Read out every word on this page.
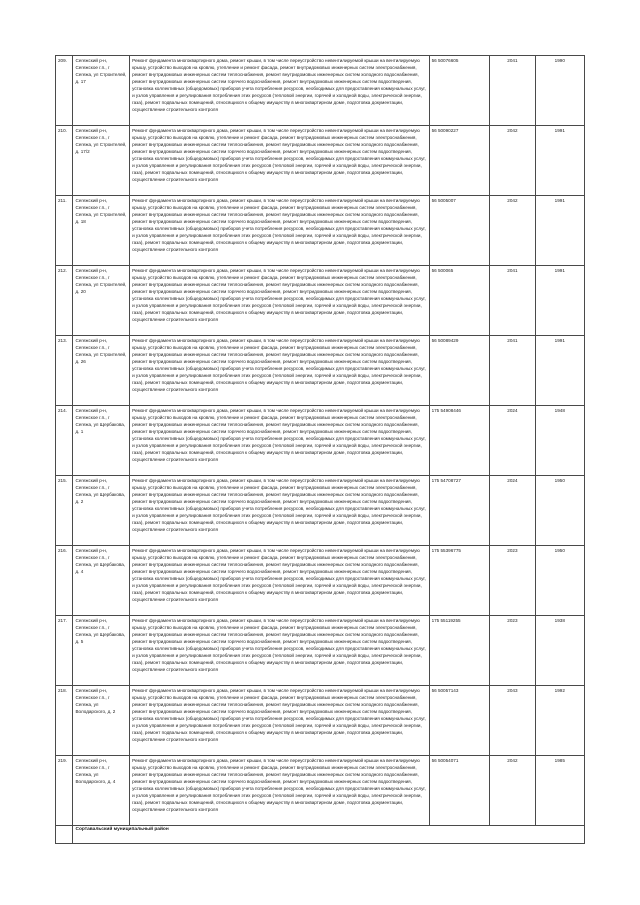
209.	Сегежский р-н, Сегежское г.п., г Сегежа, ул Строителей, д. 17	Ремонт фундамента многоквартирного дома, ремонт крыши, в том числе переустройство невентилируемой крыши на вентилируемую крышу, устройство выходов на кровлю, утепление и ремонт фасада, ремонт внутридомовых инженерных систем электроснабжения, ремонт внутридомовых инженерных систем теплоснабжения, ремонт внутридомовых инженерных систем холодного водоснабжения, ремонт внутридомовых инженерных систем горячего водоснабжения, ремонт внутридомовых инженерных систем водоотведения, установка коллективных (общедомовых) приборов учета потребления ресурсов, необходимых для предоставления коммунальных услуг, и узлов управления и регулирования потребления этих ресурсов (тепловой энергии, горячей и холодной воды, электрической энергии, газа), ремонт подвальных помещений, относящихся к общему имуществу в многоквартирном доме, подготовка документации, осуществление строительного контроля	56 50076605	2041	1990
210.	Сегежский р-н, Сегежское г.п., г Сегежа, ул Строителей, д. 17/2	Ремонт фундамента многоквартирного дома, ремонт крыши, в том числе переустройство невентилируемой крыши на вентилируемую крышу, устройство выходов на кровлю, утепление и ремонт фасада, ремонт внутридомовых инженерных систем электроснабжения, ремонт внутридомовых инженерных систем теплоснабжения, ремонт внутридомовых инженерных систем холодного водоснабжения, ремонт внутридомовых инженерных систем горячего водоснабжения, ремонт внутридомовых инженерных систем водоотведения, установка коллективных (общедомовых) приборов учета потребления ресурсов, необходимых для предоставления коммунальных услуг, и узлов управления и регулирования потребления этих ресурсов (тепловой энергии, горячей и холодной воды, электрической энергии, газа), ремонт подвальных помещений, относящихся к общему имуществу в многоквартирном доме, подготовка документации, осуществление строительного контроля	56 50090227	2042	1991
211.	Сегежский р-н, Сегежское г.п., г Сегежа, ул Строителей, д. 18	Ремонт фундамента многоквартирного дома, ремонт крыши, в том числе переустройство невентилируемой крыши на вентилируемую крышу, устройство выходов на кровлю, утепление и ремонт фасада, ремонт внутридомовых инженерных систем электроснабжения, ремонт внутридомовых инженерных систем теплоснабжения, ремонт внутридомовых инженерных систем холодного водоснабжения, ремонт внутридомовых инженерных систем горячего водоснабжения, ремонт внутридомовых инженерных систем водоотведения, установка коллективных (общедомовых) приборов учета потребления ресурсов, необходимых для предоставления коммунальных услуг, и узлов управления и регулирования потребления этих ресурсов (тепловой энергии, горячей и холодной воды, электрической энергии, газа), ремонт подвальных помещений, относящихся к общему имуществу в многоквартирном доме, подготовка документации, осуществление строительного контроля	56 5005007	2042	1991
212.	Сегежский р-н, Сегежское г.п., г Сегежа, ул Строителей, д. 20	Ремонт фундамента многоквартирного дома, ремонт крыши, в том числе переустройство невентилируемой крыши на вентилируемую крышу, устройство выходов на кровлю, утепление и ремонт фасада, ремонт внутридомовых инженерных систем электроснабжения, ремонт внутридомовых инженерных систем теплоснабжения, ремонт внутридомовых инженерных систем холодного водоснабжения, ремонт внутридомовых инженерных систем горячего водоснабжения, ремонт внутридомовых инженерных систем водоотведения, установка коллективных (общедомовых) приборов учета потребления ресурсов, необходимых для предоставления коммунальных услуг, и узлов управления и регулирования потребления этих ресурсов (тепловой энергии, горячей и холодной воды, электрической энергии, газа), ремонт подвальных помещений, относящихся к общему имуществу в многоквартирном доме, подготовка документации, осуществление строительного контроля	56 500065	2041	1991
213.	Сегежский р-н, Сегежское г.п., г Сегежа, ул Строителей, д. 26	Ремонт фундамента многоквартирного дома, ремонт крыши, в том числе переустройство невентилируемой крыши на вентилируемую крышу, устройство выходов на кровлю, утепление и ремонт фасада, ремонт внутридомовых инженерных систем электроснабжения, ремонт внутридомовых инженерных систем теплоснабжения, ремонт внутридомовых инженерных систем холодного водоснабжения, ремонт внутридомовых инженерных систем горячего водоснабжения, ремонт внутридомовых инженерных систем водоотведения, установка коллективных (общедомовых) приборов учета потребления ресурсов, необходимых для предоставления коммунальных услуг, и узлов управления и регулирования потребления этих ресурсов (тепловой энергии, горячей и холодной воды, электрической энергии, газа), ремонт подвальных помещений, относящихся к общему имуществу в многоквартирном доме, подготовка документации, осуществление строительного контроля	56 50089429	2041	1991
214.	Сегежский р-н, Сегежское г.п., г Сегежа, ул Щербакова, д. 1	Ремонт фундамента многоквартирного дома, ремонт крыши, в том числе переустройство невентилируемой крыши на вентилируемую крышу, устройство выходов на кровлю, утепление и ремонт фасада, ремонт внутридомовых инженерных систем электроснабжения, ремонт внутридомовых инженерных систем теплоснабжения, ремонт внутридомовых инженерных систем холодного водоснабжения, ремонт внутридомовых инженерных систем горячего водоснабжения, ремонт внутридомовых инженерных систем водоотведения, установка коллективных (общедомовых) приборов учета потребления ресурсов, необходимых для предоставления коммунальных услуг, и узлов управления и регулирования потребления этих ресурсов (тепловой энергии, горячей и холодной воды, электрической энергии, газа), ремонт подвальных помещений, относящихся к общему имуществу в многоквартирном доме, подготовка документации, осуществление строительного контроля	175 54908446	2024	1948
215.	Сегежский р-н, Сегежское г.п., г Сегежа, ул Щербакова, д. 2	Ремонт фундамента многоквартирного дома, ремонт крыши, в том числе переустройство невентилируемой крыши на вентилируемую крышу, устройство выходов на кровлю, утепление и ремонт фасада, ремонт внутридомовых инженерных систем электроснабжения, ремонт внутридомовых инженерных систем теплоснабжения, ремонт внутридомовых инженерных систем холодного водоснабжения, ремонт внутридомовых инженерных систем горячего водоснабжения, ремонт внутридомовых инженерных систем водоотведения, установка коллективных (общедомовых) приборов учета потребления ресурсов, необходимых для предоставления коммунальных услуг, и узлов управления и регулирования потребления этих ресурсов (тепловой энергии, горячей и холодной воды, электрической энергии, газа), ремонт подвальных помещений, относящихся к общему имуществу в многоквартирном доме, подготовка документации, осуществление строительного контроля	175 54708727	2024	1950
216.	Сегежский р-н, Сегежское г.п., г Сегежа, ул Щербакова, д. 4	Ремонт фундамента многоквартирного дома, ремонт крыши, в том числе переустройство невентилируемой крыши на вентилируемую крышу, устройство выходов на кровлю, утепление и ремонт фасада, ремонт внутридомовых инженерных систем электроснабжения, ремонт внутридомовых инженерных систем теплоснабжения, ремонт внутридомовых инженерных систем холодного водоснабжения, ремонт внутридомовых инженерных систем горячего водоснабжения, ремонт внутридомовых инженерных систем водоотведения, установка коллективных (общедомовых) приборов учета потребления ресурсов, необходимых для предоставления коммунальных услуг, и узлов управления и регулирования потребления этих ресурсов (тепловой энергии, горячей и холодной воды, электрической энергии, газа), ремонт подвальных помещений, относящихся к общему имуществу в многоквартирном доме, подготовка документации, осуществление строительного контроля	175 55396775	2023	1950
217.	Сегежский р-н, Сегежское г.п., г Сегежа, ул Щербакова, д. 5	Ремонт фундамента многоквартирного дома, ремонт крыши, в том числе переустройство невентилируемой крыши на вентилируемую крышу, устройство выходов на кровлю, утепление и ремонт фасада, ремонт внутридомовых инженерных систем электроснабжения, ремонт внутридомовых инженерных систем теплоснабжения, ремонт внутридомовых инженерных систем холодного водоснабжения, ремонт внутридомовых инженерных систем горячего водоснабжения, ремонт внутридомовых инженерных систем водоотведения, установка коллективных (общедомовых) приборов учета потребления ресурсов, необходимых для предоставления коммунальных услуг, и узлов управления и регулирования потребления этих ресурсов (тепловой энергии, горячей и холодной воды, электрической энергии, газа), ремонт подвальных помещений, относящихся к общему имуществу в многоквартирном доме, подготовка документации, осуществление строительного контроля	175 55119255	2023	1938
218.	Сегежский р-н, Сегежское г.п., г Сегежа, ул Володарского, д. 2	Ремонт фундамента многоквартирного дома, ремонт крыши, в том числе переустройство невентилируемой крыши на вентилируемую крышу, устройство выходов на кровлю, утепление и ремонт фасада, ремонт внутридомовых инженерных систем электроснабжения, ремонт внутридомовых инженерных систем теплоснабжения, ремонт внутридомовых инженерных систем холодного водоснабжения, ремонт внутридомовых инженерных систем горячего водоснабжения, ремонт внутридомовых инженерных систем водоотведения, установка коллективных (общедомовых) приборов учета потребления ресурсов, необходимых для предоставления коммунальных услуг, и узлов управления и регулирования потребления этих ресурсов (тепловой энергии, горячей и холодной воды, электрической энергии, газа), ремонт подвальных помещений, относящихся к общему имуществу в многоквартирном доме, подготовка документации, осуществление строительного контроля	56 50057143	2043	1992
219.	Сегежский р-н, Сегежское г.п., г Сегежа, ул Володарского, д. 4	Ремонт фундамента многоквартирного дома, ремонт крыши, в том числе переустройство невентилируемой крыши на вентилируемую крышу, устройство выходов на кровлю, утепление и ремонт фасада, ремонт внутридомовых инженерных систем электроснабжения, ремонт внутридомовых инженерных систем теплоснабжения, ремонт внутридомовых инженерных систем холодного водоснабжения, ремонт внутридомовых инженерных систем горячего водоснабжения, ремонт внутридомовых инженерных систем водоотведения, установка коллективных (общедомовых) приборов учета потребления ресурсов, необходимых для предоставления коммунальных услуг, и узлов управления и регулирования потребления этих ресурсов (тепловой энергии, горячей и холодной воды, электрической энергии, газа), ремонт подвальных помещений, относящихся к общему имуществу в многоквартирном доме, подготовка документации, осуществление строительного контроля	56 50054071	2042	1985
	Сортавальский муниципальный район				
